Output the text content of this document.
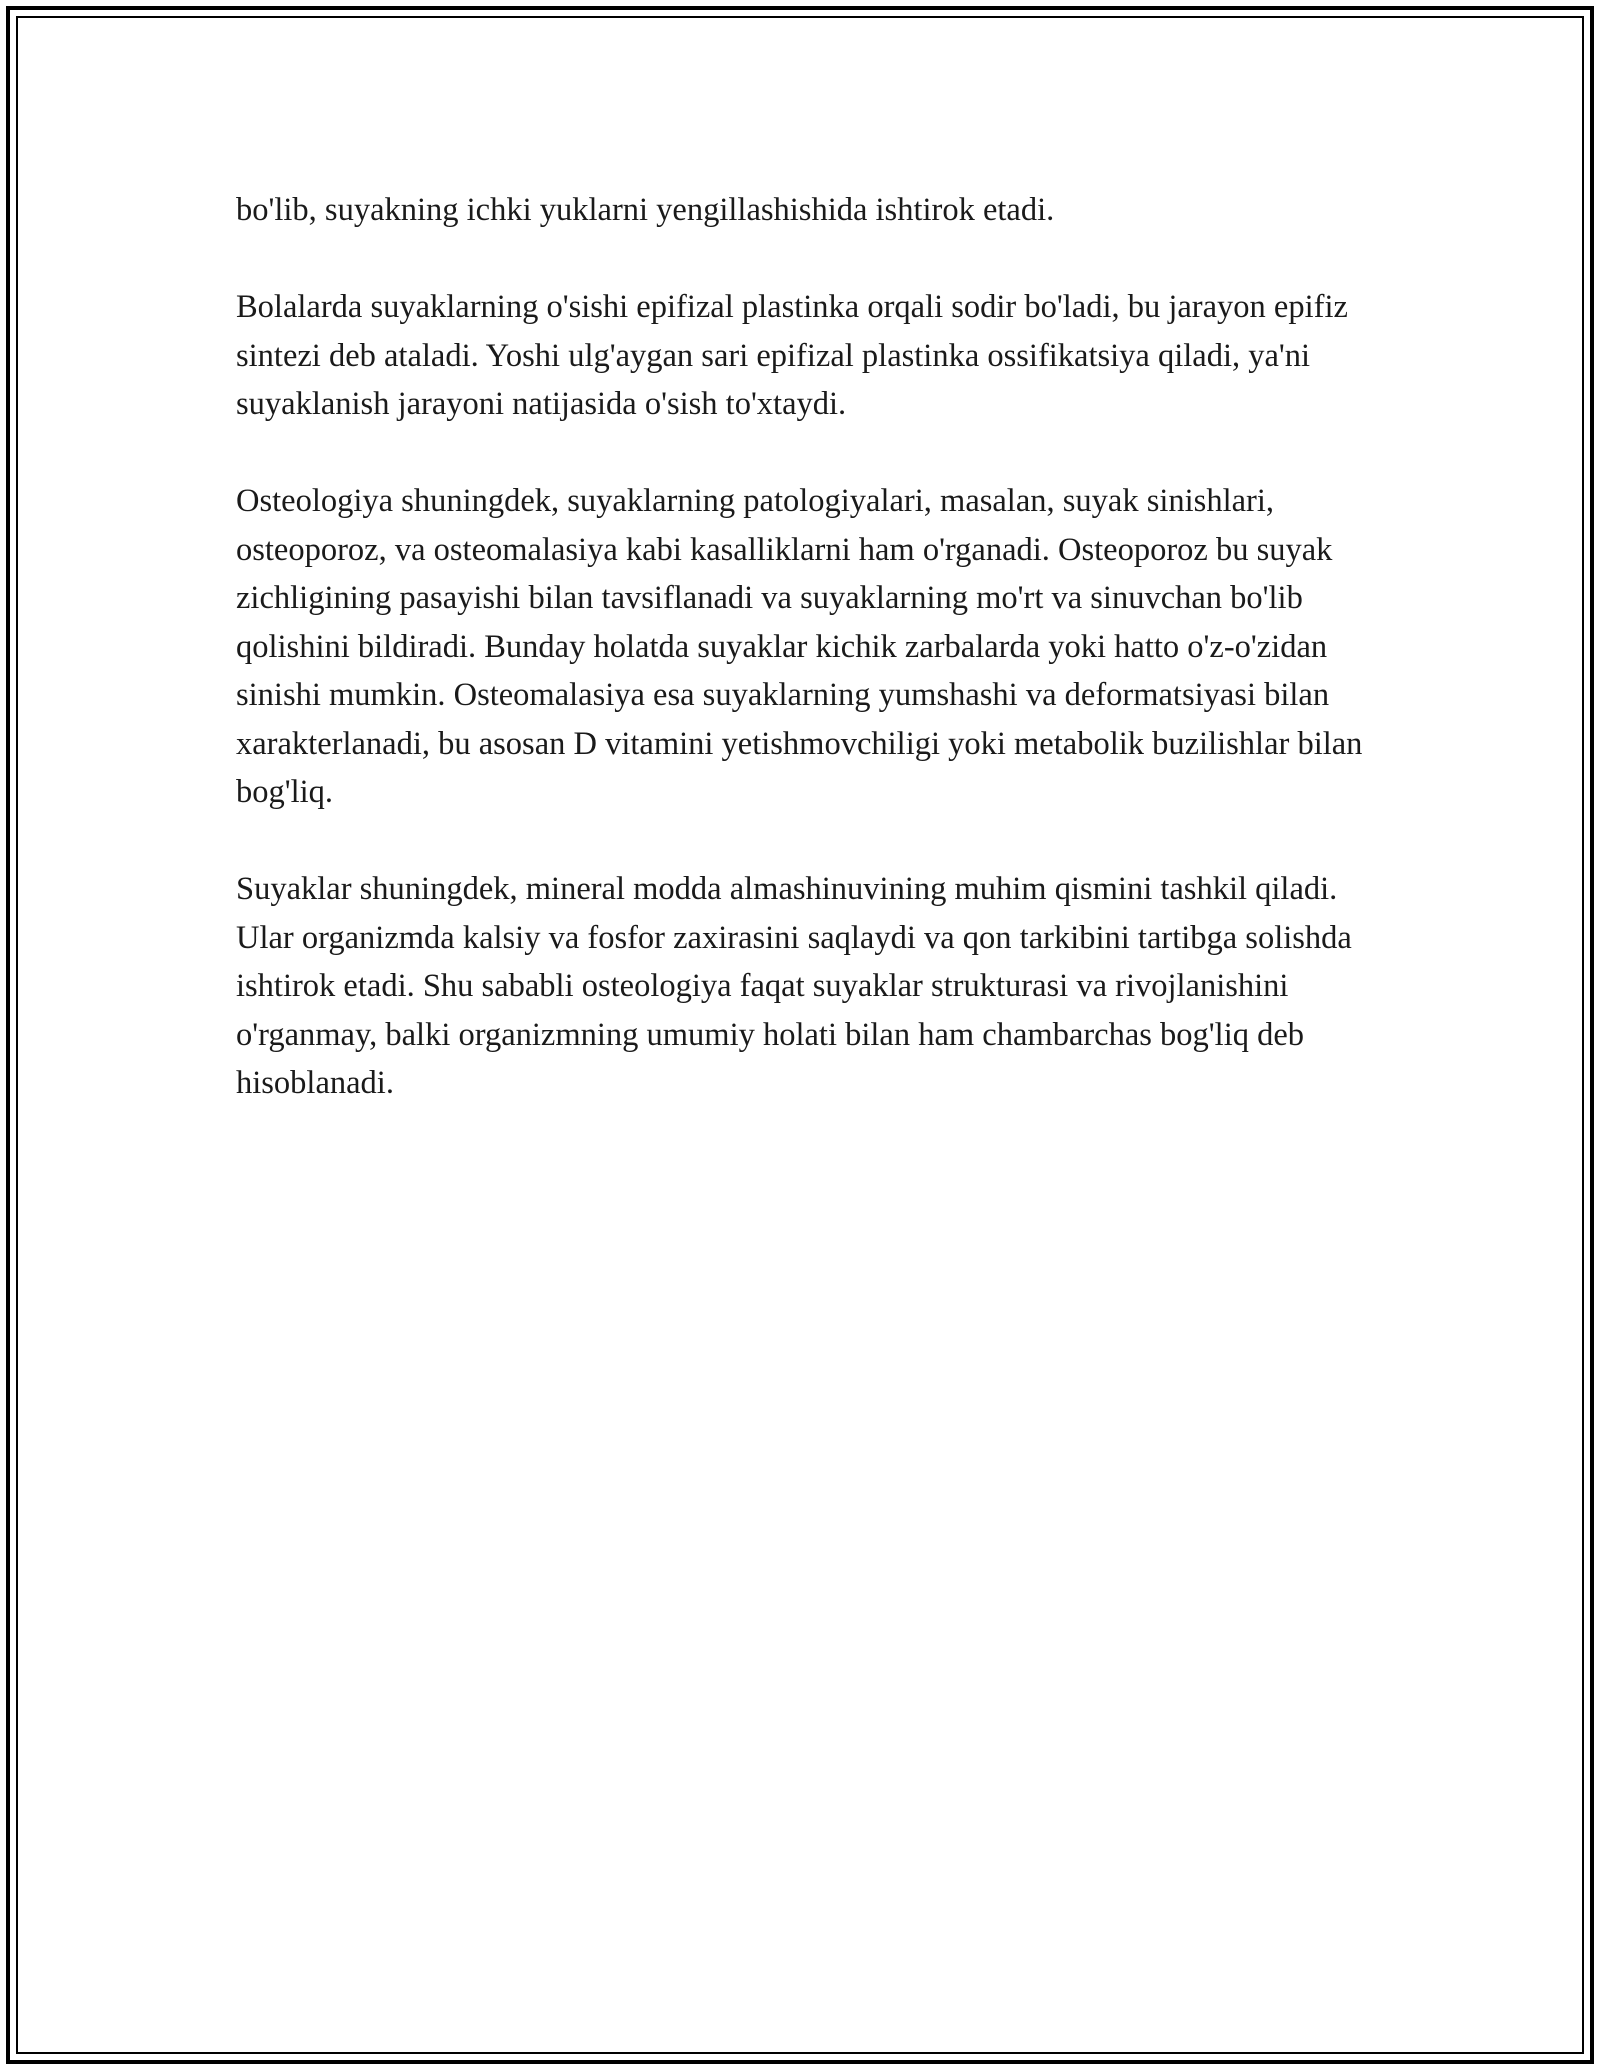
bo'lib, suyakning ichki yuklarni yengillashishida ishtirok etadi.

Bolalarda suyaklarning o'sishi epifizal plastinka orqali sodir bo'ladi, bu jarayon epifiz sintezi deb ataladi. Yoshi ulg'aygan sari epifizal plastinka ossifikatsiya qiladi, ya'ni suyaklanish jarayoni natijasida o'sish to'xtaydi.

Osteologiya shuningdek, suyaklarning patologiyalari, masalan, suyak sinishlari, osteoporoz, va osteomalasiya kabi kasalliklarni ham o'rganadi. Osteoporoz bu suyak zichligining pasayishi bilan tavsiflanadi va suyaklarning mo'rt va sinuvchan bo'lib qolishini bildiradi. Bunday holatda suyaklar kichik zarbalarda yoki hatto o'z-o'zidan sinishi mumkin. Osteomalasiya esa suyaklarning yumshashi va deformatsiyasi bilan xarakterlanadi, bu asosan D vitamini yetishmovchiligi yoki metabolik buzilishlar bilan bog'liq.

Suyaklar shuningdek, mineral modda almashinuvining muhim qismini tashkil qiladi. Ular organizmda kalsiy va fosfor zaxirasini saqlaydi va qon tarkibini tartibga solishda ishtirok etadi. Shu sababli osteologiya faqat suyaklar strukturasi va rivojlanishini o'rganmay, balki organizmning umumiy holati bilan ham chambarchas bog'liq deb hisoblanadi.
